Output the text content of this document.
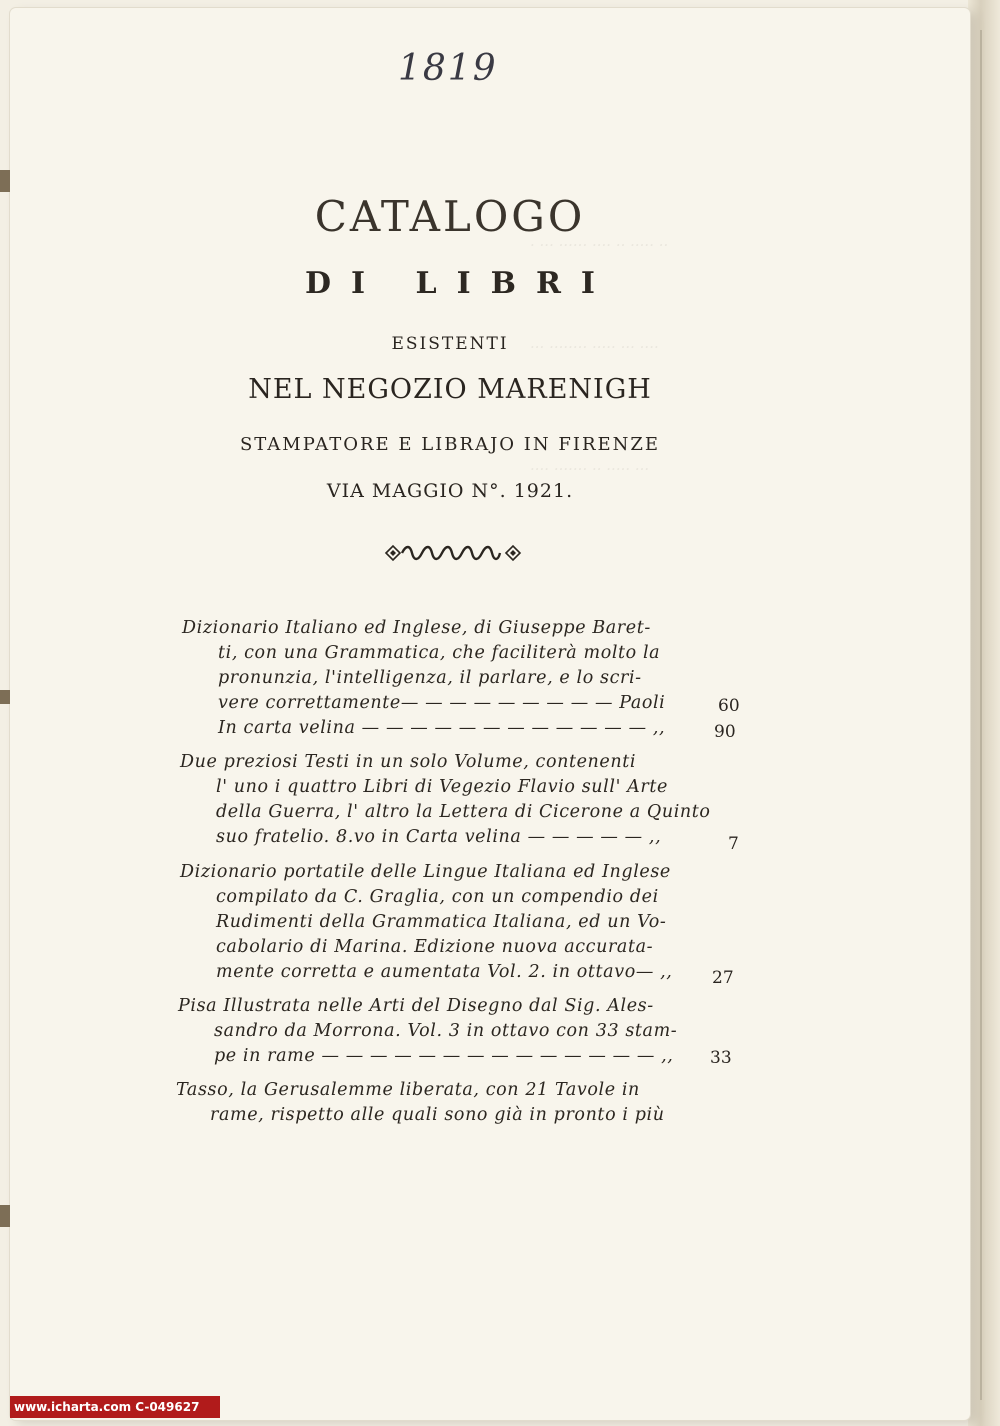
· ··· ······ ···· ·· ····· ··
··· ········ ····· ··· ····
···· ······· ·· ····· ···
1819
CATALOGO
DI LIBRI
ESISTENTI
NEL NEGOZIO MARENIGH
STAMPATORE E LIBRAJO IN FIRENZE
VIA MAGGIO N°. 1921.
Dizionario Italiano ed Inglese, di Giuseppe Baret-
ti, con una Grammatica, che faciliterà molto la
pronunzia, l'intelligenza, il parlare, e lo scri-
vere correttamente— — — — — — — — — Paoli	60
In carta velina — — — — — — — — — — — — ,,	90
Due preziosi Testi in un solo Volume, contenenti
l' uno i quattro Libri di Vegezio Flavio sull' Arte
della Guerra, l' altro la Lettera di Cicerone a Quinto
suo fratelio. 8.vo in Carta velina — — — — — ,,	7
Dizionario portatile delle Lingue Italiana ed Inglese
compilato da C. Graglia, con un compendio dei
Rudimenti della Grammatica Italiana, ed un Vo-
cabolario di Marina. Edizione nuova accurata-
mente corretta e aumentata Vol. 2. in ottavo— ,, 27
Pisa Illustrata nelle Arti del Disegno dal Sig. Ales-
sandro da Morrona. Vol. 3 in ottavo con 33 stam-
pe in rame — — — — — — — — — — — — — — ,, 33
Tasso, la Gerusalemme liberata, con 21 Tavole in
rame, rispetto alle quali sono già in pronto i più
www.icharta.com C-049627
